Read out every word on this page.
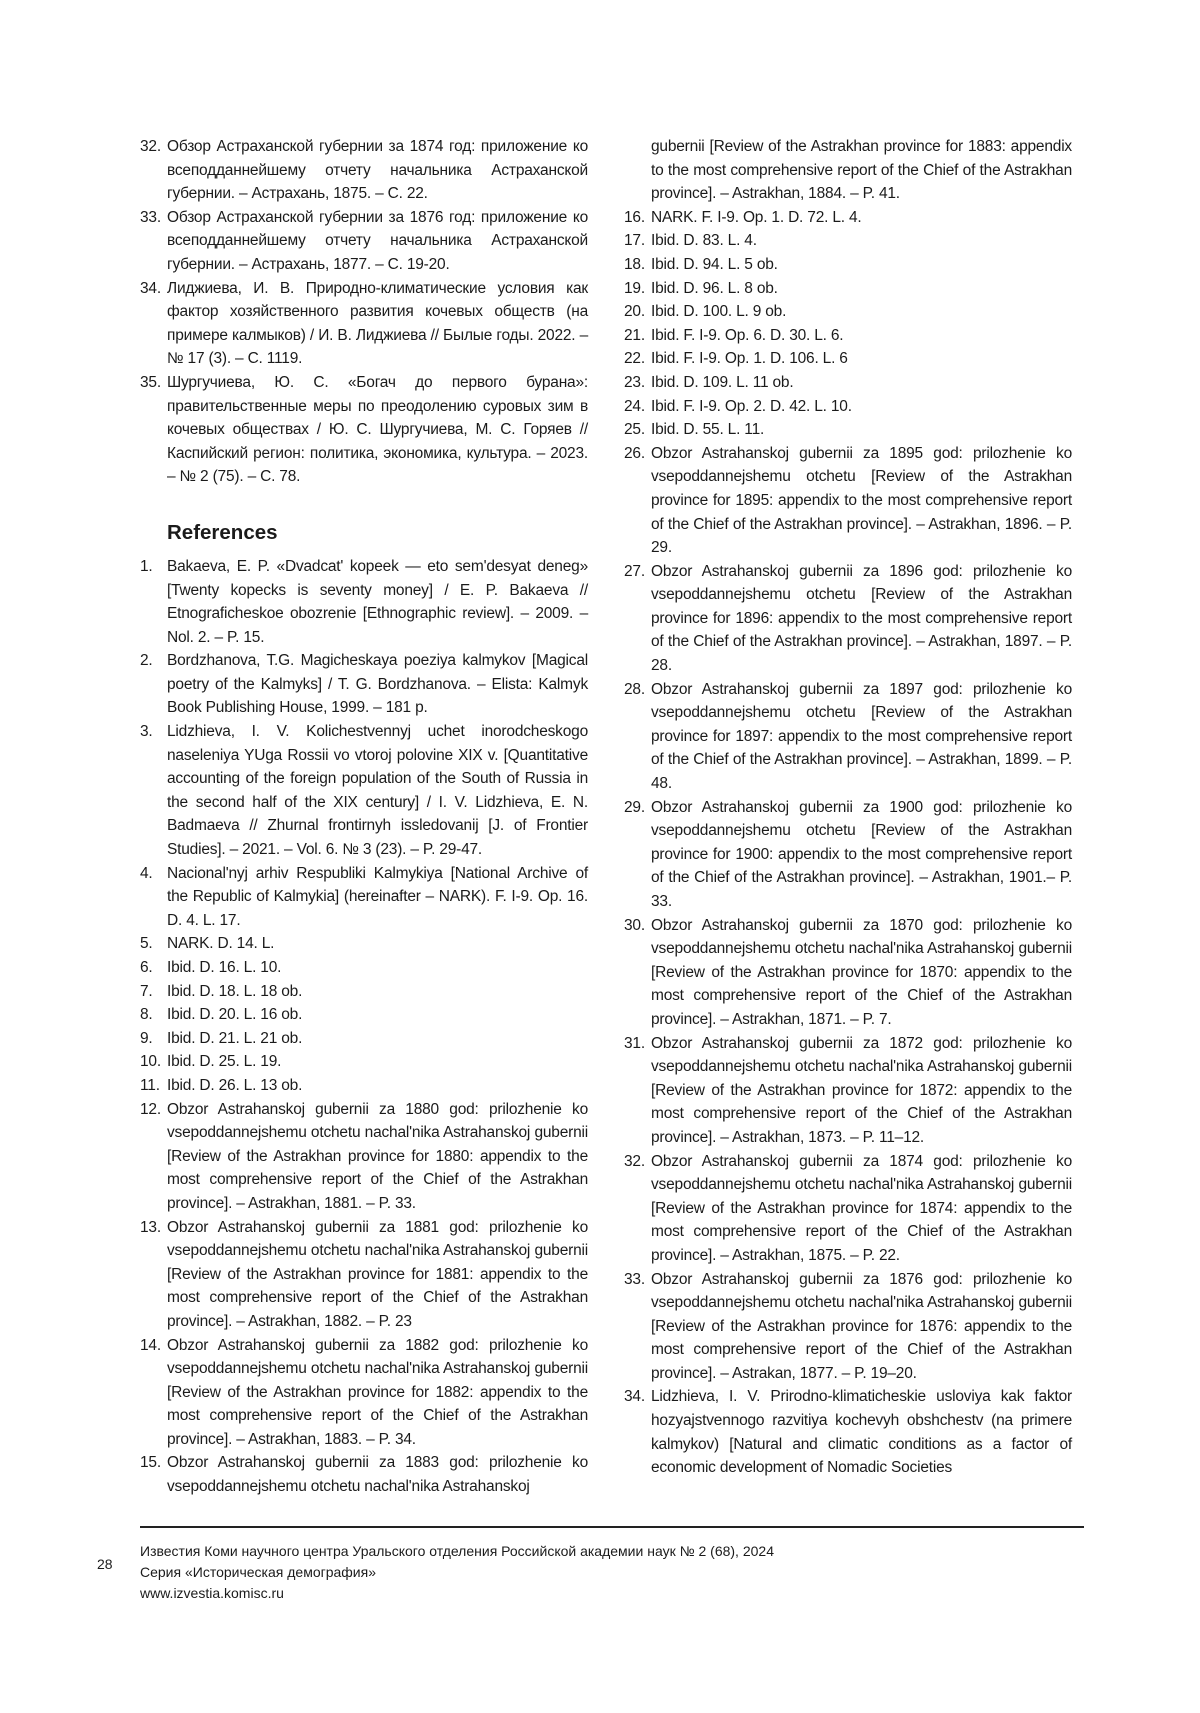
32. Обзор Астраханской губернии за 1874 год: приложение ко всеподданнейшему отчету начальника Астраханской губернии. – Астрахань, 1875. – С. 22.
33. Обзор Астраханской губернии за 1876 год: приложение ко всеподданнейшему отчету начальника Астраханской губернии. – Астрахань, 1877. – С. 19-20.
34. Лиджиева, И. В. Природно-климатические условия как фактор хозяйственного развития кочевых обществ (на примере калмыков) / И. В. Лиджиева // Былые годы. 2022. – № 17 (3). – С. 1119.
35. Шургучиева, Ю. С. «Богач до первого бурана»: правительственные меры по преодолению суровых зим в кочевых обществах / Ю. С. Шургучиева, М. С. Горяев // Каспийский регион: политика, экономика, культура. – 2023. – № 2 (75). – С. 78.
References
1. Bakaeva, E. P. «Dvadcat' kopeek — eto sem'desyat deneg» [Twenty kopecks is seventy money] / E. P. Bakaeva // Etnograficheskoe obozrenie [Ethnographic review]. – 2009. – Nol. 2. – P. 15.
2. Bordzhanova, T.G. Magicheskaya poeziya kalmykov [Magical poetry of the Kalmyks] / T. G. Bordzhanova. – Elista: Kalmyk Book Publishing House, 1999. – 181 p.
3. Lidzhieva, I. V. Kolichestvennyj uchet inorodcheskogo naseleniya YUga Rossii vo vtoroj polovine XIX v. [Quantitative accounting of the foreign population of the South of Russia in the second half of the XIX century] / I. V. Lidzhieva, E. N. Badmaeva // Zhurnal frontirnyh issledovanij [J. of Frontier Studies]. – 2021. – Vol. 6. № 3 (23). – P. 29-47.
4. Nacional'nyj arhiv Respubliki Kalmykiya [National Archive of the Republic of Kalmykia] (hereinafter – NARK). F. I-9. Op. 16. D. 4. L. 17.
5. NARK. D. 14. L.
6. Ibid. D. 16. L. 10.
7. Ibid. D. 18. L. 18 ob.
8. Ibid. D. 20. L. 16 ob.
9. Ibid. D. 21. L. 21 ob.
10. Ibid. D. 25. L. 19.
11. Ibid. D. 26. L. 13 ob.
12. Obzor Astrahanskoj gubernii za 1880 god: prilozhenie ko vsepoddannejshemu otchetu nachal'nika Astrahanskoj gubernii [Review of the Astrakhan province for 1880: appendix to the most comprehensive report of the Chief of the Astrakhan province]. – Astrakhan, 1881. – P. 33.
13. Obzor Astrahanskoj gubernii za 1881 god: prilozhenie ko vsepoddannejshemu otchetu nachal'nika Astrahanskoj gubernii [Review of the Astrakhan province for 1881: appendix to the most comprehensive report of the Chief of the Astrakhan province]. – Astrakhan, 1882. – P. 23
14. Obzor Astrahanskoj gubernii za 1882 god: prilozhenie ko vsepoddannejshemu otchetu nachal'nika Astrahanskoj gubernii [Review of the Astrakhan province for 1882: appendix to the most comprehensive report of the Chief of the Astrakhan province]. – Astrakhan, 1883. – P. 34.
15. Obzor Astrahanskoj gubernii za 1883 god: prilozhenie ko vsepoddannejshemu otchetu nachal'nika Astrahanskoj
gubernii [Review of the Astrakhan province for 1883: appendix to the most comprehensive report of the Chief of the Astrakhan province]. – Astrakhan, 1884. – P. 41.
16. NARK. F. I-9. Op. 1. D. 72. L. 4.
17. Ibid. D. 83. L. 4.
18. Ibid. D. 94. L. 5 ob.
19. Ibid. D. 96. L. 8 ob.
20. Ibid. D. 100. L. 9 ob.
21. Ibid. F. I-9. Op. 6. D. 30. L. 6.
22. Ibid. F. I-9. Op. 1. D. 106. L. 6
23. Ibid. D. 109. L. 11 ob.
24. Ibid. F. I-9. Op. 2. D. 42. L. 10.
25. Ibid. D. 55. L. 11.
26. Obzor Astrahanskoj gubernii za 1895 god: prilozhenie ko vsepoddannejshemu otchetu [Review of the Astrakhan province for 1895: appendix to the most comprehensive report of the Chief of the Astrakhan province]. – Astrakhan, 1896. – P. 29.
27. Obzor Astrahanskoj gubernii za 1896 god: prilozhenie ko vsepoddannejshemu otchetu [Review of the Astrakhan province for 1896: appendix to the most comprehensive report of the Chief of the Astrakhan province]. – Astrakhan, 1897. – P. 28.
28. Obzor Astrahanskoj gubernii za 1897 god: prilozhenie ko vsepoddannejshemu otchetu [Review of the Astrakhan province for 1897: appendix to the most comprehensive report of the Chief of the Astrakhan province]. – Astrakhan, 1899. – P. 48.
29. Obzor Astrahanskoj gubernii za 1900 god: prilozhenie ko vsepoddannejshemu otchetu [Review of the Astrakhan province for 1900: appendix to the most comprehensive report of the Chief of the Astrakhan province]. – Astrakhan, 1901.– P. 33.
30. Obzor Astrahanskoj gubernii za 1870 god: prilozhenie ko vsepoddannejshemu otchetu nachal'nika Astrahanskoj gubernii [Review of the Astrakhan province for 1870: appendix to the most comprehensive report of the Chief of the Astrakhan province]. – Astrakhan, 1871. – P. 7.
31. Obzor Astrahanskoj gubernii za 1872 god: prilozhenie ko vsepoddannejshemu otchetu nachal'nika Astrahanskoj gubernii [Review of the Astrakhan province for 1872: appendix to the most comprehensive report of the Chief of the Astrakhan province]. – Astrakhan, 1873. – P. 11–12.
32. Obzor Astrahanskoj gubernii za 1874 god: prilozhenie ko vsepoddannejshemu otchetu nachal'nika Astrahanskoj gubernii [Review of the Astrakhan province for 1874: appendix to the most comprehensive report of the Chief of the Astrakhan province]. – Astrakhan, 1875. – P. 22.
33. Obzor Astrahanskoj gubernii za 1876 god: prilozhenie ko vsepoddannejshemu otchetu nachal'nika Astrahanskoj gubernii [Review of the Astrakhan province for 1876: appendix to the most comprehensive report of the Chief of the Astrakhan province]. – Astrakan, 1877. – P. 19–20.
34. Lidzhieva, I. V. Prirodno-klimaticheskie usloviya kak faktor hozyajstvennogo razvitiya kochevyh obshchestv (na primere kalmykov) [Natural and climatic conditions as a factor of economic development of Nomadic Societies
28
Известия Коми научного центра Уральского отделения Российской академии наук № 2 (68), 2024
Серия «Историческая демография»
www.izvestia.komisc.ru
